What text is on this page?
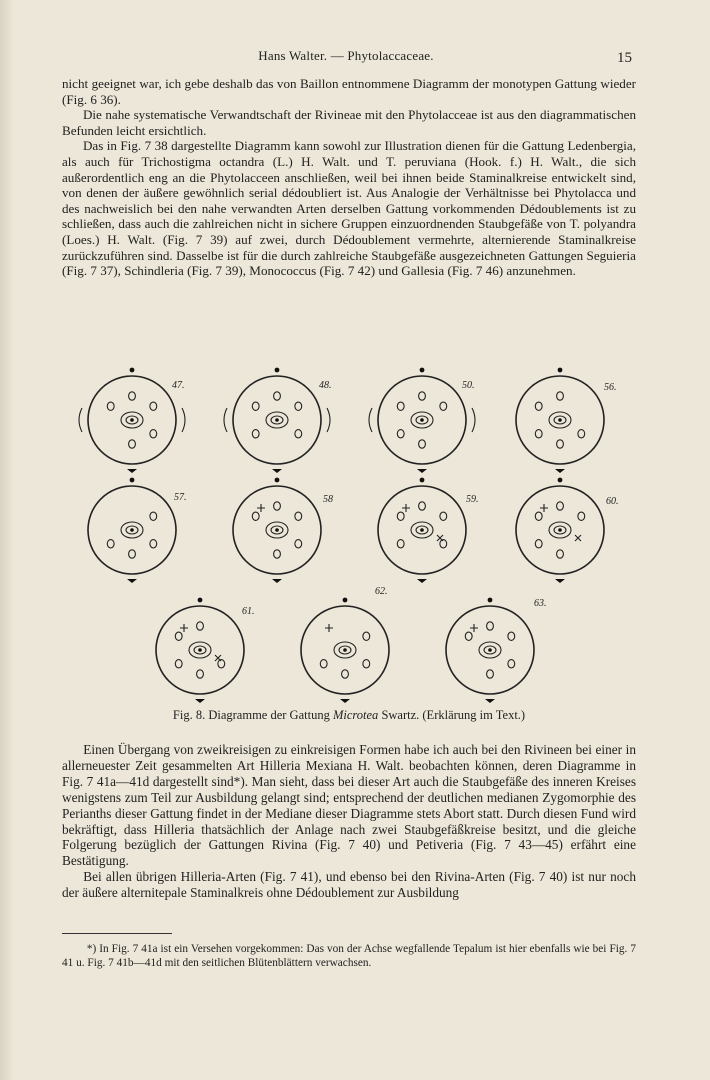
Hans Walter. — Phytolaccaceae.	15

nicht geeignet war, ich gebe deshalb das von Baillon entnommene Diagramm der monotypen Gattung wieder (Fig. 6 36).

Die nahe systematische Verwandtschaft der Rivineae mit den Phytolacceae ist aus den diagrammatischen Befunden leicht ersichtlich.

Das in Fig. 7 38 dargestellte Diagramm kann sowohl zur Illustration dienen für die Gattung Ledenbergia, als auch für Trichostigma octandra (L.) H. Walt. und T. peruviana (Hook. f.) H. Walt., die sich außerordentlich eng an die Phytolacceen anschließen, weil bei ihnen beide Staminalkreise entwickelt sind, von denen der äußere gewöhnlich serial dédoubliert ist. Aus Analogie der Verhältnisse bei Phytolacca und des nachweislich bei den nahe verwandten Arten derselben Gattung vorkommenden Dédoublements ist zu schließen, dass auch die zahlreichen nicht in sichere Gruppen einzuordnenden Staubgefäße von T. polyandra (Loes.) H. Walt. (Fig. 7 39) auf zwei, durch Dédoublement vermehrte, alternierende Staminalkreise zurückzuführen sind. Dasselbe ist für die durch zahlreiche Staubgefäße ausgezeichneten Gattungen Seguieria (Fig. 7 37), Schindleria (Fig. 7 39), Monococcus (Fig. 7 42) und Gallesia (Fig. 7 46) anzunehmen.

47.	48.	50.	56.
57.	58	59.	60.
61.
62.
63.
Fig. 8. Diagramme der Gattung Microtea Swartz. (Erklärung im Text.)

Einen Übergang von zweikreisigen zu einkreisigen Formen habe ich auch bei den Rivineen bei einer in allerneuester Zeit gesammelten Art Hilleria Mexiana H. Walt. beobachten können, deren Diagramme in Fig. 7 41a—41d dargestellt sind*). Man sieht, dass bei dieser Art auch die Staubgefäße des inneren Kreises wenigstens zum Teil zur Ausbildung gelangt sind; entsprechend der deutlichen medianen Zygomorphie des Perianths dieser Gattung findet in der Mediane dieser Diagramme stets Abort statt. Durch diesen Fund wird bekräftigt, dass Hilleria thatsächlich der Anlage nach zwei Staubgefäßkreise besitzt, und die gleiche Folgerung bezüglich der Gattungen Rivina (Fig. 7 40) und Petiveria (Fig. 7 43—45) erfährt eine Bestätigung.

Bei allen übrigen Hilleria-Arten (Fig. 7 41), und ebenso bei den Rivina-Arten (Fig. 7 40) ist nur noch der äußere alternitepale Staminalkreis ohne Dédoublement zur Ausbildung

*) In Fig. 7 41a ist ein Versehen vorgekommen: Das von der Achse wegfallende Tepalum ist hier ebenfalls wie bei Fig. 7 41 u. Fig. 7 41b—41d mit den seitlichen Blütenblättern verwachsen.
